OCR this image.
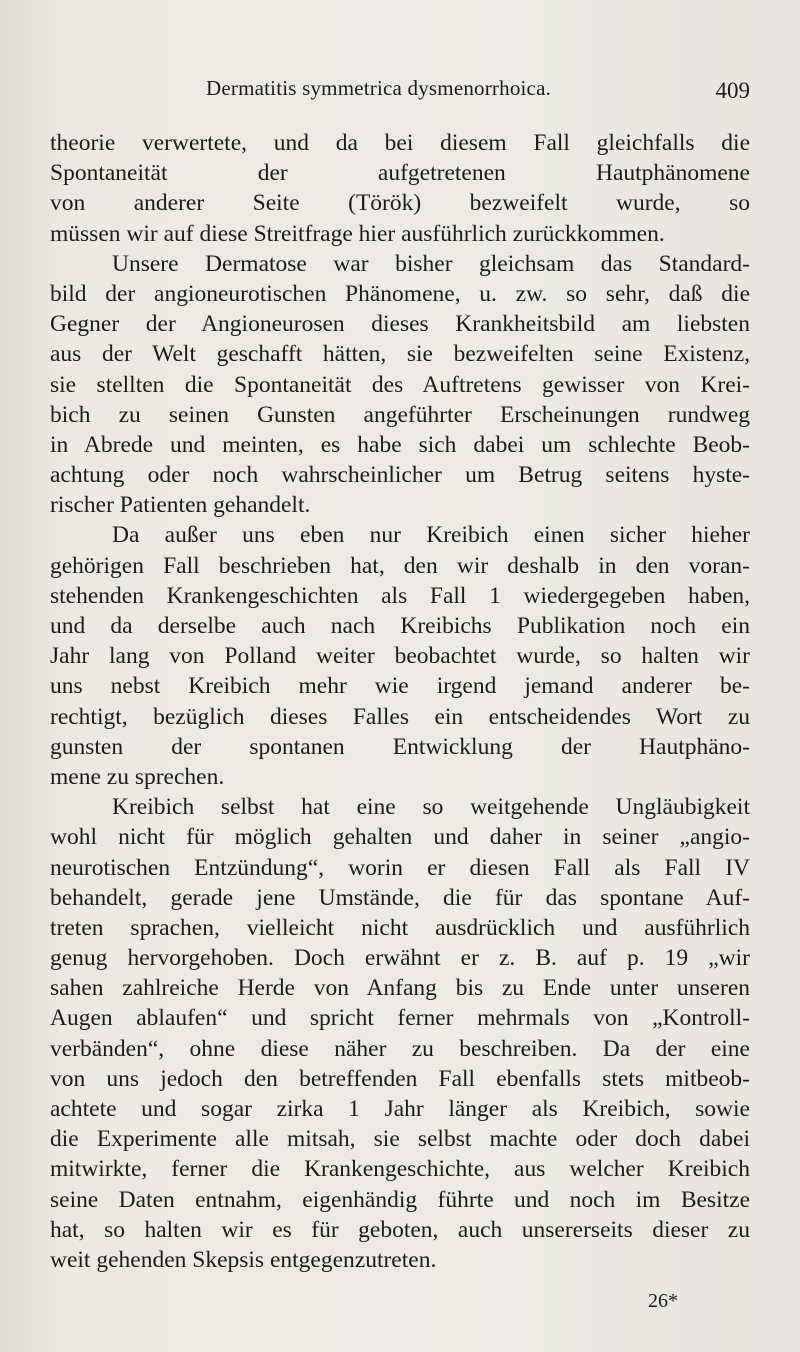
Dermatitis symmetrica dysmenorrhoica.	409
theorie verwertete, und da bei diesem Fall gleichfalls die
Spontaneität der aufgetretenen Hautphänomene
von anderer Seite (Török) bezweifelt wurde, so
müssen wir auf diese Streitfrage hier ausführlich zurückkommen.
Unsere Dermatose war bisher gleichsam das Standard-
bild der angioneurotischen Phänomene, u. zw. so sehr, daß die
Gegner der Angioneurosen dieses Krankheitsbild am liebsten
aus der Welt geschafft hätten, sie bezweifelten seine Existenz,
sie stellten die Spontaneität des Auftretens gewisser von Krei-
bich zu seinen Gunsten angeführter Erscheinungen rundweg
in Abrede und meinten, es habe sich dabei um schlechte Beob-
achtung oder noch wahrscheinlicher um Betrug seitens hyste-
rischer Patienten gehandelt.
Da außer uns eben nur Kreibich einen sicher hieher
gehörigen Fall beschrieben hat, den wir deshalb in den voran-
stehenden Krankengeschichten als Fall 1 wiedergegeben haben,
und da derselbe auch nach Kreibichs Publikation noch ein
Jahr lang von Polland weiter beobachtet wurde, so halten wir
uns nebst Kreibich mehr wie irgend jemand anderer be-
rechtigt, bezüglich dieses Falles ein entscheidendes Wort zu
gunsten der spontanen Entwicklung der Hautphäno-
mene zu sprechen.
Kreibich selbst hat eine so weitgehende Ungläubigkeit
wohl nicht für möglich gehalten und daher in seiner „angio-
neurotischen Entzündung“, worin er diesen Fall als Fall IV
behandelt, gerade jene Umstände, die für das spontane Auf-
treten sprachen, vielleicht nicht ausdrücklich und ausführlich
genug hervorgehoben. Doch erwähnt er z. B. auf p. 19 „wir
sahen zahlreiche Herde von Anfang bis zu Ende unter unseren
Augen ablaufen“ und spricht ferner mehrmals von „Kontroll-
verbänden“, ohne diese näher zu beschreiben. Da der eine
von uns jedoch den betreffenden Fall ebenfalls stets mitbeob-
achtete und sogar zirka 1 Jahr länger als Kreibich, sowie
die Experimente alle mitsah, sie selbst machte oder doch dabei
mitwirkte, ferner die Krankengeschichte, aus welcher Kreibich
seine Daten entnahm, eigenhändig führte und noch im Besitze
hat, so halten wir es für geboten, auch unsererseits dieser zu
weit gehenden Skepsis entgegenzutreten.
26*
